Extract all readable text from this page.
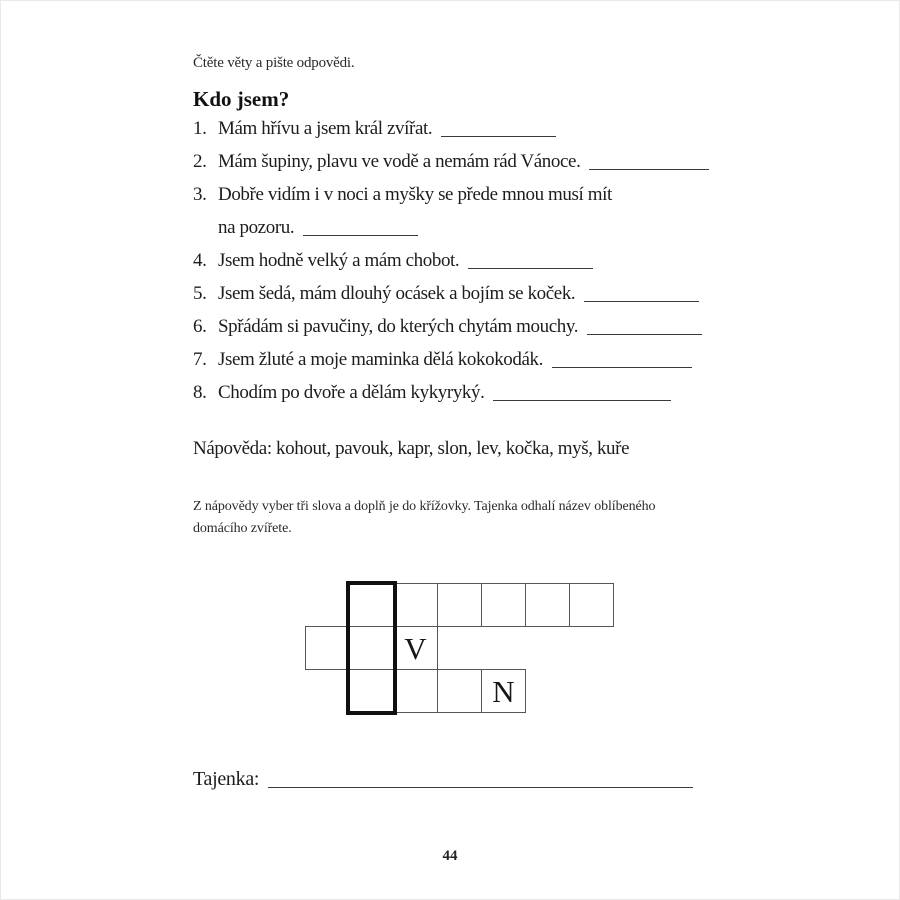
Čtěte věty a pište odpovědi.
Kdo jsem?
1. Mám hřívu a jsem král zvířat.
2. Mám šupiny, plavu ve vodě a nemám rád Vánoce.
3. Dobře vidím i v noci a myšky se přede mnou musí mít
na pozoru.
4. Jsem hodně velký a mám chobot.
5. Jsem šedá, mám dlouhý ocásek a bojím se koček.
6. Spřádám si pavučiny, do kterých chytám mouchy.
7. Jsem žluté a moje maminka dělá kokokodák.
8. Chodím po dvoře a dělám kykyryký.
Nápověda: kohout, pavouk, kapr, slon, lev, kočka, myš, kuře
Z nápovědy vyber tři slova a doplň je do křížovky. Tajenka odhalí název oblíbeného
domácího zvířete.
V
N
Tajenka:
44
